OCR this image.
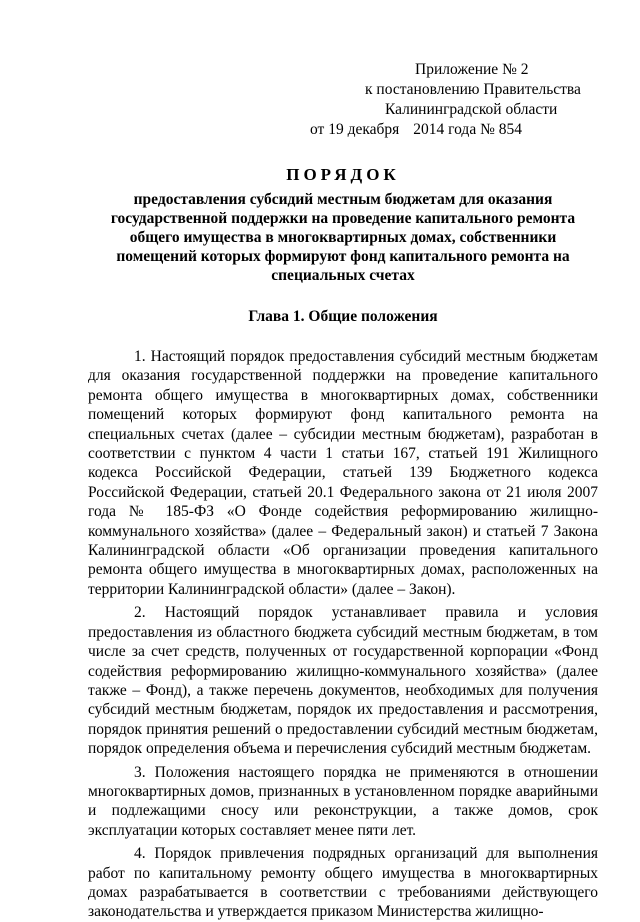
Приложение № 2
к постановлению Правительства
Калининградской области
от 19 декабря 2014 года № 854
ПОРЯДОК
предоставления субсидий местным бюджетам для оказания государственной поддержки на проведение капитального ремонта общего имущества в многоквартирных домах, собственники помещений которых формируют фонд капитального ремонта на специальных счетах
Глава 1. Общие положения

1. Настоящий порядок предоставления субсидий местным бюджетам для оказания государственной поддержки на проведение капитального ремонта общего имущества в многоквартирных домах, собственники помещений которых формируют фонд капитального ремонта на специальных счетах (далее – субсидии местным бюджетам), разработан в соответствии с пунктом 4 части 1 статьи 167, статьей 191 Жилищного кодекса Российской Федерации, статьей 139 Бюджетного кодекса Российской Федерации, статьей 20.1 Федерального закона от 21 июля 2007 года № 185-ФЗ «О Фонде содействия реформированию жилищно-коммунального хозяйства» (далее – Федеральный закон) и статьей 7 Закона Калининградской области «Об организации проведения капитального ремонта общего имущества в многоквартирных домах, расположенных на территории Калининградской области» (далее – Закон).

2. Настоящий порядок устанавливает правила и условия предоставления из областного бюджета субсидий местным бюджетам, в том числе за счет средств, полученных от государственной корпорации «Фонд содействия реформированию жилищно-коммунального хозяйства» (далее также – Фонд), а также перечень документов, необходимых для получения субсидий местным бюджетам, порядок их предоставления и рассмотрения, порядок принятия решений о предоставлении субсидий местным бюджетам, порядок определения объема и перечисления субсидий местным бюджетам.

3. Положения настоящего порядка не применяются в отношении многоквартирных домов, признанных в установленном порядке аварийными и подлежащими сносу или реконструкции, а также домов, срок эксплуатации которых составляет менее пяти лет.

4. Порядок привлечения подрядных организаций для выполнения работ по капитальному ремонту общего имущества в многоквартирных домах разрабатывается в соответствии с требованиями действующего законодательства и утверждается приказом Министерства жилищно-
